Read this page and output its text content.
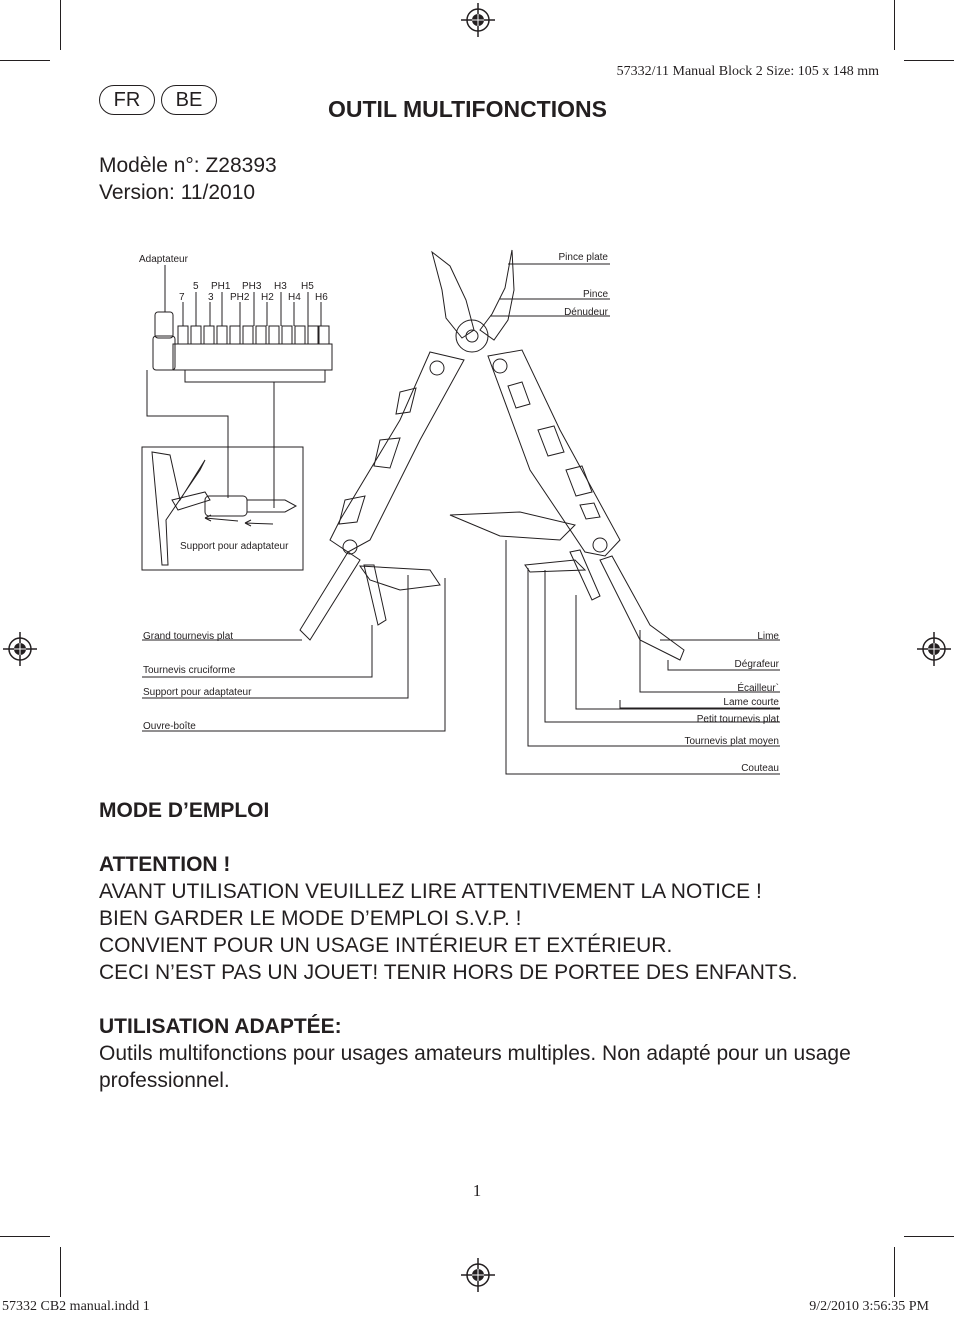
57332/11 Manual Block 2 Size: 105 x 148 mm
FR	BE	OUTIL MULTIFONCTIONS
Modèle n°: Z28393
Version: 11/2010
Adaptateur
5 PH1 PH3 H3 H5
7 3 PH2 H2 H4 H6
Support pour adaptateur
Grand tournevis plat
Tournevis cruciforme
Support pour adaptateur
Ouvre-boîte
Pince plate
Pince
Dénudeur
Lime
Dégrafeur
Écailleur`
Lame courte
Petit tournevis plat
Tournevis plat moyen
Couteau

MODE D’EMPLOI

ATTENTION !

AVANT UTILISATION VEUILLEZ LIRE ATTENTIVEMENT LA NOTICE !

BIEN GARDER LE MODE D’EMPLOI S.V.P. !

CONVIENT POUR UN USAGE INTÉRIEUR ET EXTÉRIEUR.

CECI N’EST PAS UN JOUET! TENIR HORS DE PORTEE DES ENFANTS.

UTILISATION ADAPTÉE:

Outils multifonctions pour usages amateurs multiples. Non adapté pour un usage professionnel.

1
57332 CB2 manual.indd 1	9/2/2010 3:56:35 PM
